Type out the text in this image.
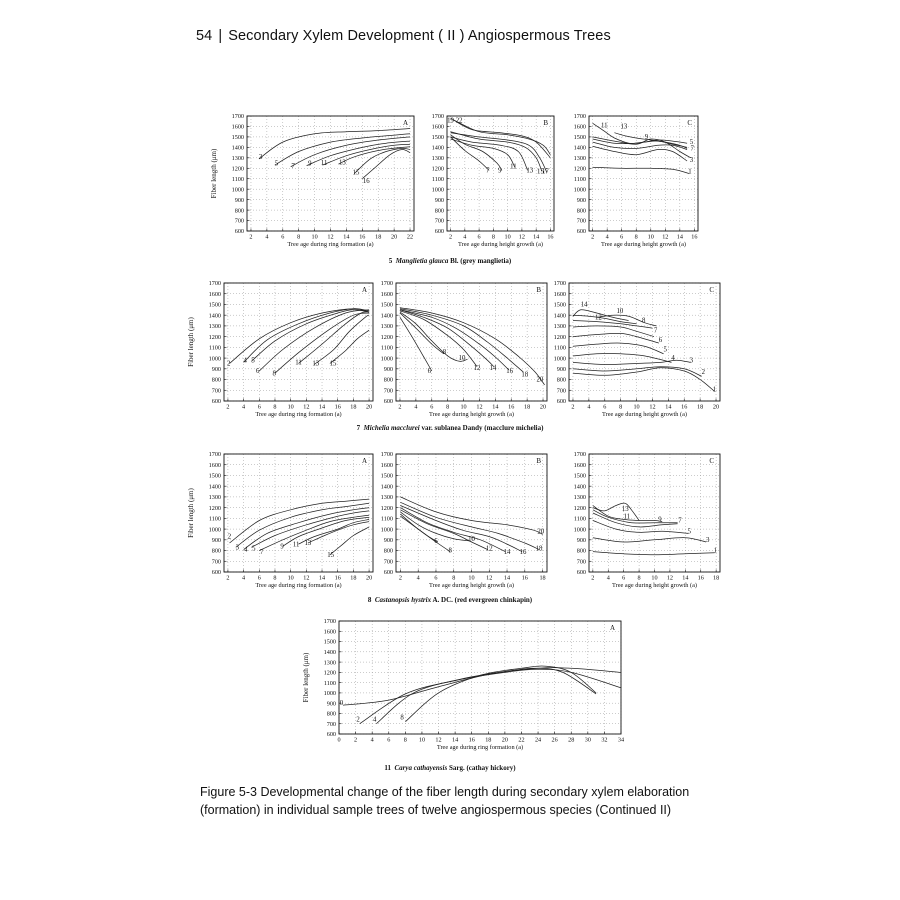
54 | Secondary Xylem Development ( II ) Angiospermous Trees
600
700
800
900
1000
1100
1200
1300
1400
1500
1600
1700
2 4 6 8 10 12 14 16 18 20 22
A
Tree age during ring formation (a)
Fiber length (μm)	3
5 7 9 11 13
15
16
600
700
800
900
1000
1100
1200
1300
1400
1500
1600
1700
2 4 6 8 10 12 14 16
B
Tree age during height growth (a)
19 22
17
15
13
11
9
7
600
700
800
900
1000
1100
1200
1300
1400
1500
1600
1700
2 4 6 8 10 12 14 16
C
Tree age during height growth (a)
11 13
9
5
7
3
1
600
700
800
900
1000
1100
1200
1300
1400
1500
1600
1700
2 4 6 8 10 12 14 16 18 20
A
Tree age during ring formation (a)
Fiber length (μm)	2 4 5
6 8
11 13 15
600
700
800
900
1000
1100
1200
1300
1400
1500
1600
1700
2 4 6 8 10 12 14 16 18 20
B
Tree age during height growth (a)
20
18
16
14
12
10
8
6
600
700
800
900
1000
1100
1200
1300
1400
1500
1600
1700
2 4 6 8 10 12 14 16 18 20
C
Tree age during height growth (a)
14
12
10
8
7
6
5
4 3
2
1
600
700
800
900
1000
1100
1200
1300
1400
1500
1600
1700
2 4 6 8 10 12 14 16 18 20
A
Tree age during ring formation (a)
Fiber length (μm)	2
3 4 5 7
9 11 13
15
600
700
800
900
1000
1100
1200
1300
1400
1500
1600
1700
2 4 6 8 10 12 14 16 18
B
Tree age during height growth (a)
20
18
16
14
12
10
8
6
600
700
800
900
1000
1100
1200
1300
1400
1500
1600
1700
2 4 6 8 10 12 14 16 18
C
Tree age during height growth (a)
13
11	9 7
5
3
1
600
700
800
900
1000
1100
1200
1300
1400
1500
1600
1700
0 2 4 6 8 10 12 14 16 18 20 22 24 26 28 30 32 34
A
Tree age during ring formation (a)
Fiber length (μm)
0
2 4	8
5 Manglietia glauca Bl. (grey manglietia)
7 Michelia macclurei var. sublanea Dandy (macclure michelia)
8 Castanopsis hystrix A. DC. (red evergreen chinkapin)
11 Carya cathayensis Sarg. (cathay hickory)
Figure 5-3 Developmental change of the fiber length during secondary xylem elaboration (formation) in individual sample trees of twelve angiospermous species (Continued II)
